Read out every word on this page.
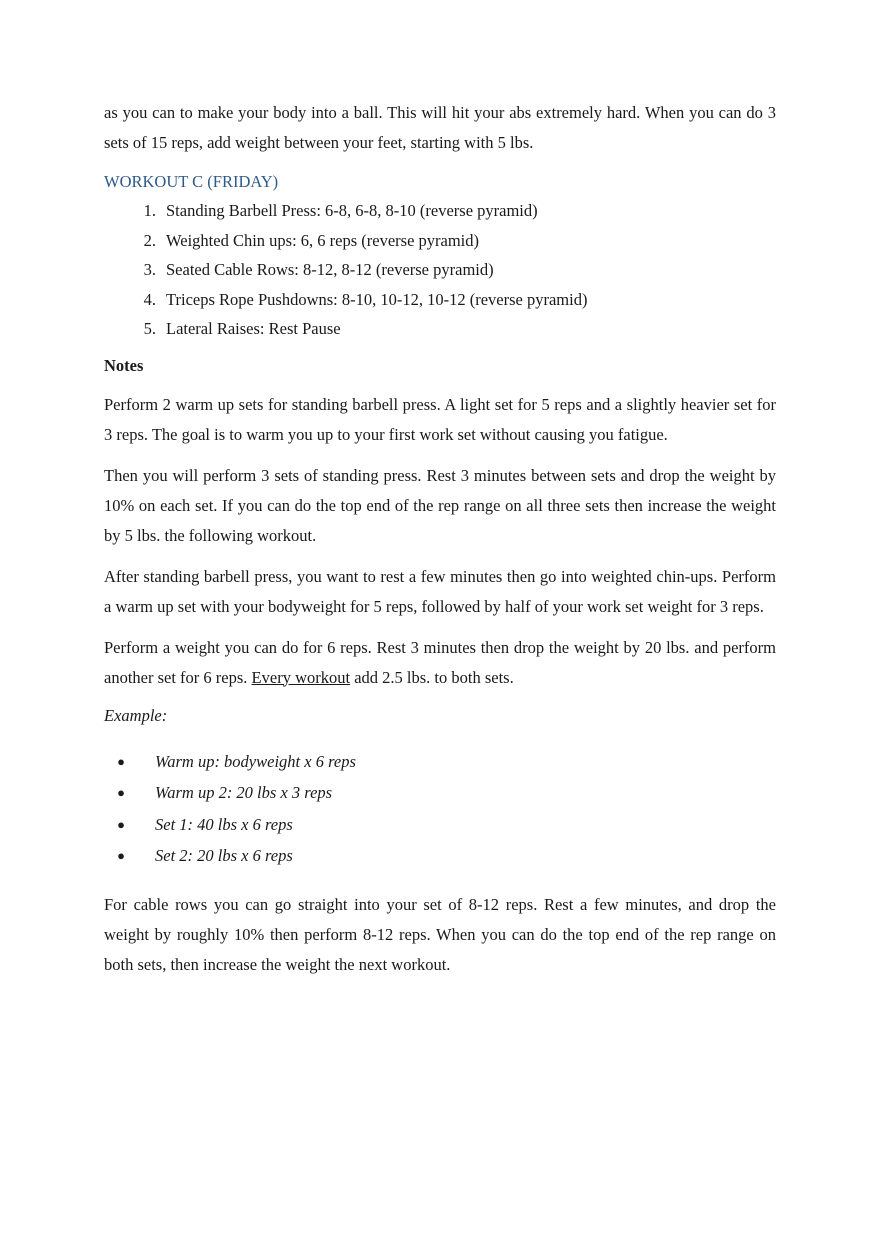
as you can to make your body into a ball. This will hit your abs extremely hard. When you can do 3 sets of 15 reps, add weight between your feet, starting with 5 lbs.

WORKOUT C (FRIDAY)

1. Standing Barbell Press: 6-8, 6-8, 8-10 (reverse pyramid)
2. Weighted Chin ups: 6, 6 reps (reverse pyramid)
3. Seated Cable Rows: 8-12, 8-12 (reverse pyramid)
4. Triceps Rope Pushdowns: 8-10, 10-12, 10-12 (reverse pyramid)
5. Lateral Raises: Rest Pause

Notes

Perform 2 warm up sets for standing barbell press. A light set for 5 reps and a slightly heavier set for 3 reps. The goal is to warm you up to your first work set without causing you fatigue.

Then you will perform 3 sets of standing press. Rest 3 minutes between sets and drop the weight by 10% on each set. If you can do the top end of the rep range on all three sets then increase the weight by 5 lbs. the following workout.

After standing barbell press, you want to rest a few minutes then go into weighted chin-ups. Perform a warm up set with your bodyweight for 5 reps, followed by half of your work set weight for 3 reps.

Perform a weight you can do for 6 reps. Rest 3 minutes then drop the weight by 20 lbs. and perform another set for 6 reps. Every workout add 2.5 lbs. to both sets.

Example:

●	Warm up: bodyweight x 6 reps
●	Warm up 2: 20 lbs x 3 reps
●	Set 1: 40 lbs x 6 reps
●	Set 2: 20 lbs x 6 reps

For cable rows you can go straight into your set of 8-12 reps. Rest a few minutes, and drop the weight by roughly 10% then perform 8-12 reps. When you can do the top end of the rep range on both sets, then increase the weight the next workout.
